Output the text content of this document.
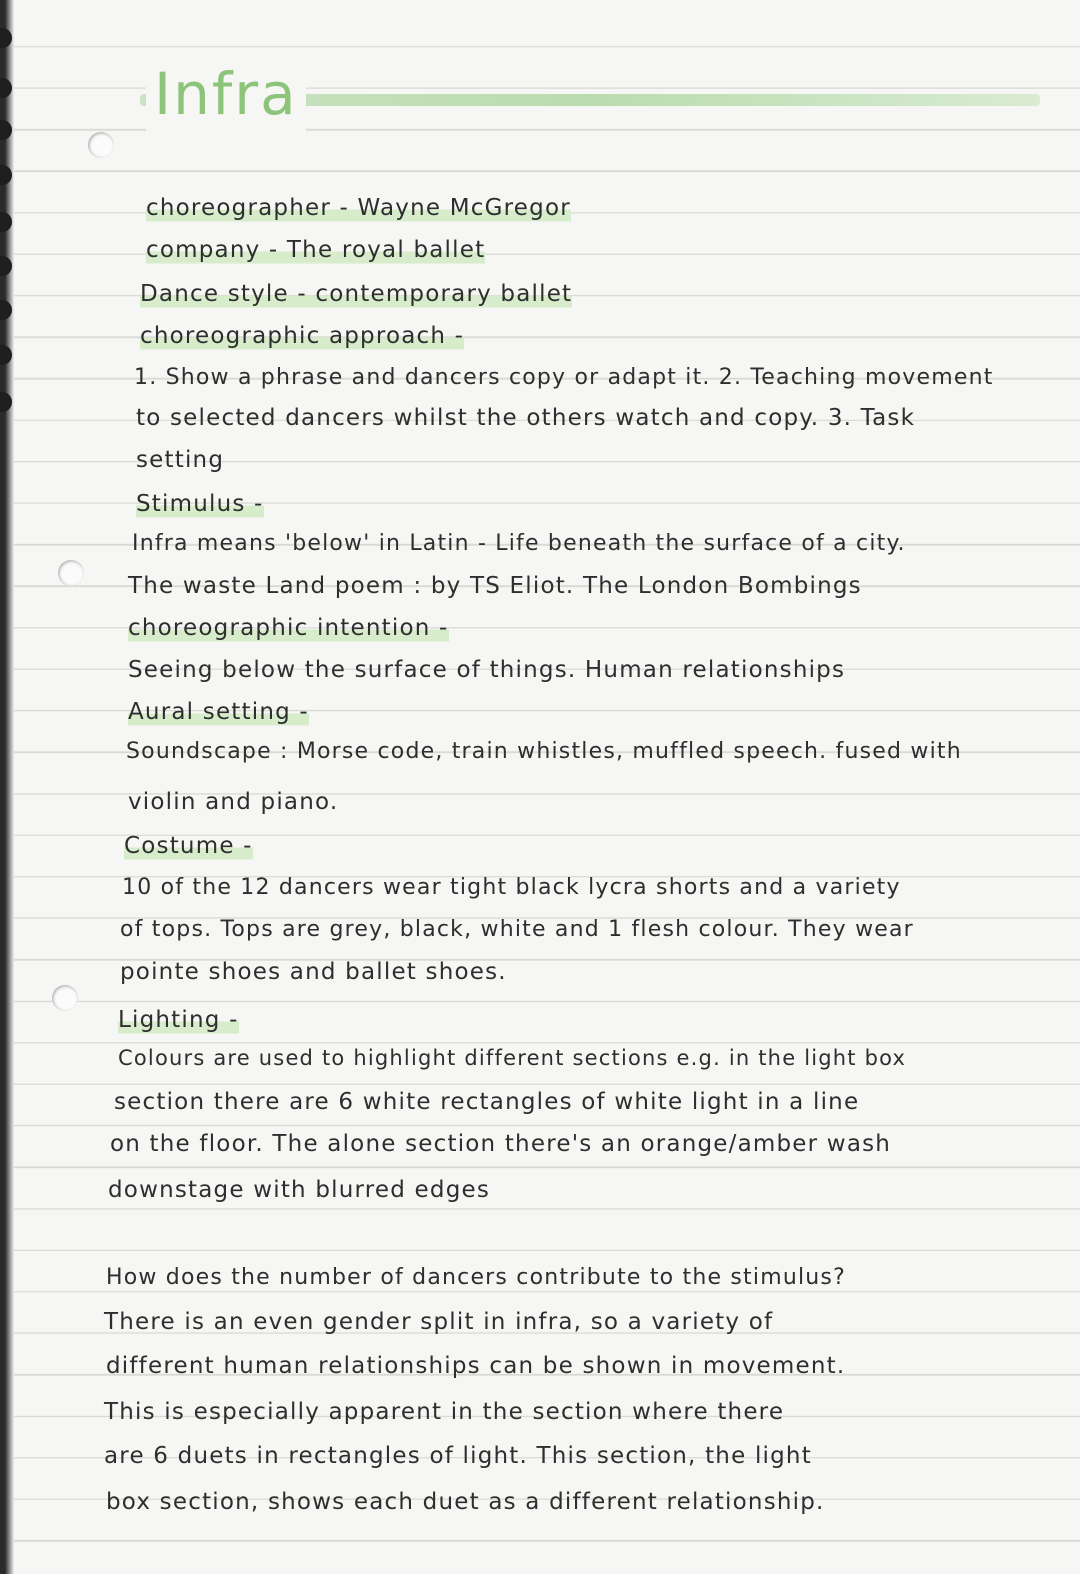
Infra
choreographer - Wayne McGregor
company - The royal ballet
Dance style - contemporary ballet
choreographic approach -
1. Show a phrase and dancers copy or adapt it. 2. Teaching movement
to selected dancers whilst the others watch and copy. 3. Task
setting
Stimulus -
Infra means 'below' in Latin - Life beneath the surface of a city.
The waste Land poem : by TS Eliot. The London Bombings
choreographic intention -
Seeing below the surface of things. Human relationships
Aural setting -
Soundscape : Morse code, train whistles, muffled speech. fused with
violin and piano.
Costume -
10 of the 12 dancers wear tight black lycra shorts and a variety
of tops. Tops are grey, black, white and 1 flesh colour. They wear
pointe shoes and ballet shoes.
Lighting -
Colours are used to highlight different sections e.g. in the light box
section there are 6 white rectangles of white light in a line
on the floor. The alone section there's an orange/amber wash
downstage with blurred edges
How does the number of dancers contribute to the stimulus?
There is an even gender split in infra, so a variety of
different human relationships can be shown in movement.
This is especially apparent in the section where there
are 6 duets in rectangles of light. This section, the light
box section, shows each duet as a different relationship.
